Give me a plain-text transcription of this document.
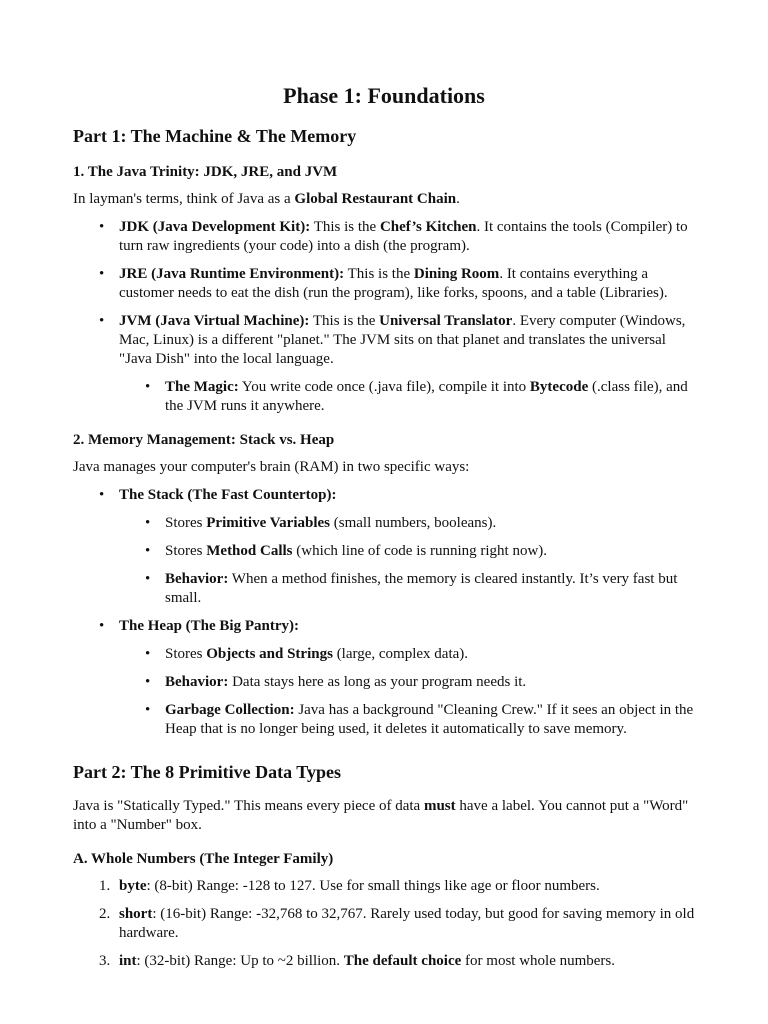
Phase 1: Foundations
Part 1: The Machine & The Memory
1. The Java Trinity: JDK, JRE, and JVM

In layman's terms, think of Java as a Global Restaurant Chain.

• JDK (Java Development Kit): This is the Chef’s Kitchen. It contains the tools (Compiler) to turn raw ingredients (your code) into a dish (the program).
• JRE (Java Runtime Environment): This is the Dining Room. It contains everything a customer needs to eat the dish (run the program), like forks, spoons, and a table (Libraries).
• JVM (Java Virtual Machine): This is the Universal Translator. Every computer (Windows, Mac, Linux) is a different "planet." The JVM sits on that planet and translates the universal "Java Dish" into the local language.
• The Magic: You write code once (.java file), compile it into Bytecode (.class file), and the JVM runs it anywhere.
2. Memory Management: Stack vs. Heap

Java manages your computer's brain (RAM) in two specific ways:

• The Stack (The Fast Countertop):
• Stores Primitive Variables (small numbers, booleans).
• Stores Method Calls (which line of code is running right now).
• Behavior: When a method finishes, the memory is cleared instantly. It’s very fast but small.
• The Heap (The Big Pantry):
• Stores Objects and Strings (large, complex data).
• Behavior: Data stays here as long as your program needs it.
• Garbage Collection: Java has a background "Cleaning Crew." If it sees an object in the Heap that is no longer being used, it deletes it automatically to save memory.
Part 2: The 8 Primitive Data Types

Java is "Statically Typed." This means every piece of data must have a label. You cannot put a "Word" into a "Number" box.

A. Whole Numbers (The Integer Family)
1. byte: (8-bit) Range: -128 to 127. Use for small things like age or floor numbers.
2. short: (16-bit) Range: -32,768 to 32,767. Rarely used today, but good for saving memory in old hardware.
3. int: (32-bit) Range: Up to ~2 billion. The default choice for most whole numbers.
